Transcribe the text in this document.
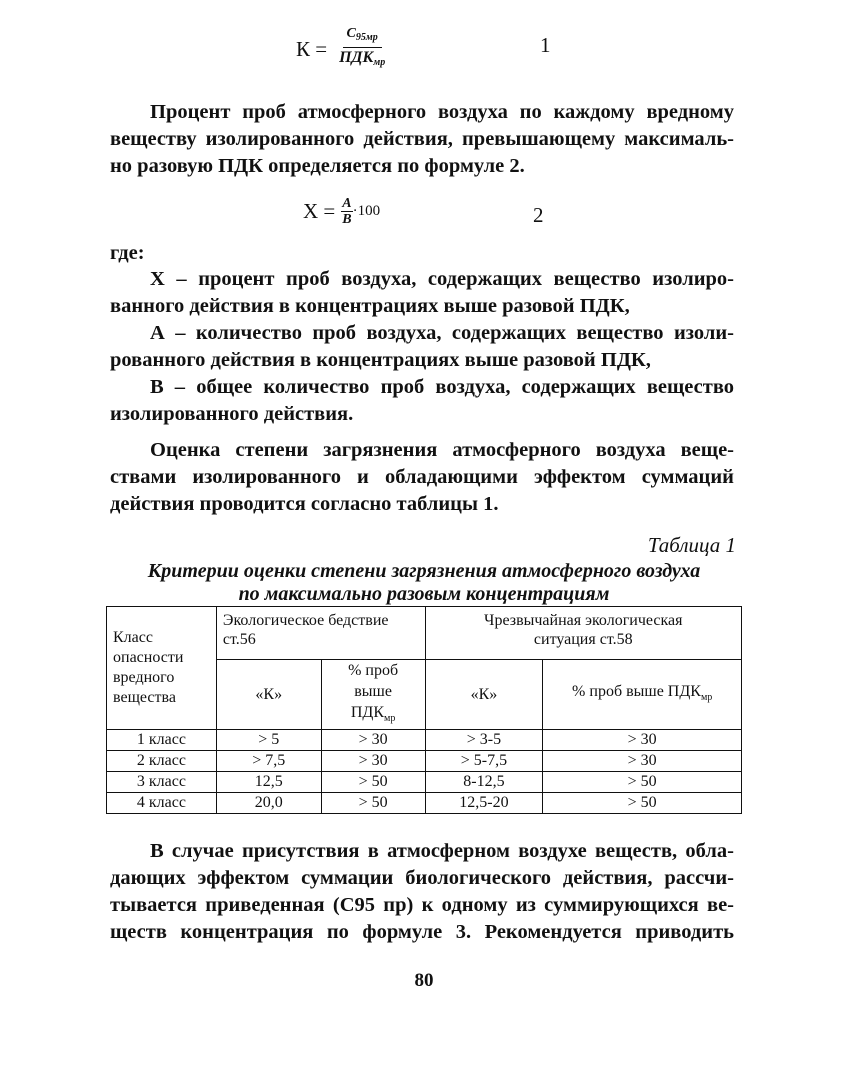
$К = \frac{C_{95мр}}{ПДК_{мр}}$	1
Процент проб атмосферного воздуха по каждому вредному
веществу изолированного действия, превышающему максималь-
но разовую ПДК определяется по формуле 2.
$Х = \frac{A}{B} \cdot 100$	2
где:
Х – процент проб воздуха, содержащих вещество изолиро-
ванного действия в концентрациях выше разовой ПДК,
А – количество проб воздуха, содержащих вещество изоли-
рованного действия в концентрациях выше разовой ПДК,
В – общее количество проб воздуха, содержащих вещество
изолированного действия.
Оценка степени загрязнения атмосферного воздуха веще-
ствами изолированного и обладающими эффектом суммаций
действия проводится согласно таблицы 1.
Таблица 1
Критерии оценки степени загрязнения атмосферного воздуха
по максимально разовым концентрациям
Класс опасности вредного вещества	Экологическое бедствие ст.56		Чрезвычайная экологическая ситуация ст.58	
	«К»	% проб выше $ПДК_{мр}$	«К»	% проб выше $ПДК_{мр}$
1 класс	> 5	> 30	> 3-5	> 30
2 класс	> 7,5	> 30	> 5-7,5	> 30
3 класс	12,5	> 50	8-12,5	> 50
4 класс	20,0	> 50	12,5-20	> 50
В случае присутствия в атмосферном воздухе веществ, обла-
дающих эффектом суммации биологического действия, рассчи-
тывается приведенная (С95 пр) к одному из суммирующихся ве-
ществ концентрация по формуле 3. Рекомендуется приводить
80
